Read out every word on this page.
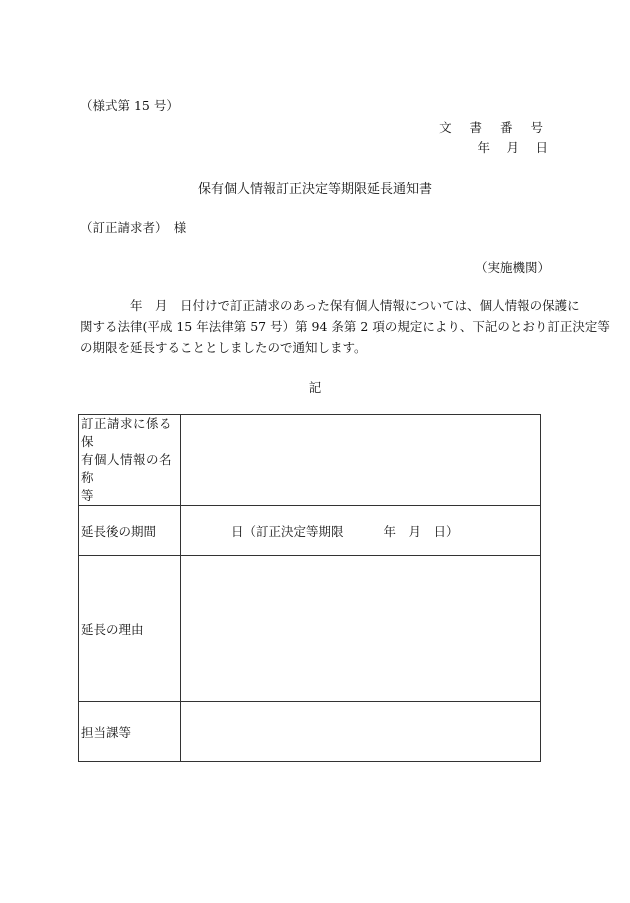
（様式第 15 号）
文 書 番 号
年　月　日
保有個人情報訂正決定等期限延長通知書
（訂正請求者）　様
（実施機関）
　　　　年　月　日付けで訂正請求のあった保有個人情報については、個人情報の保護に
関する法律(平成 15 年法律第 57 号）第 94 条第 2 項の規定により、下記のとおり訂正決定等
の期限を延長することとしましたので通知します。
記
訂正請求に係る保
有個人情報の名称
等	

延長後の期間	日（訂正決定等期限 年　月　日）
延長の理由	
担当課等	
